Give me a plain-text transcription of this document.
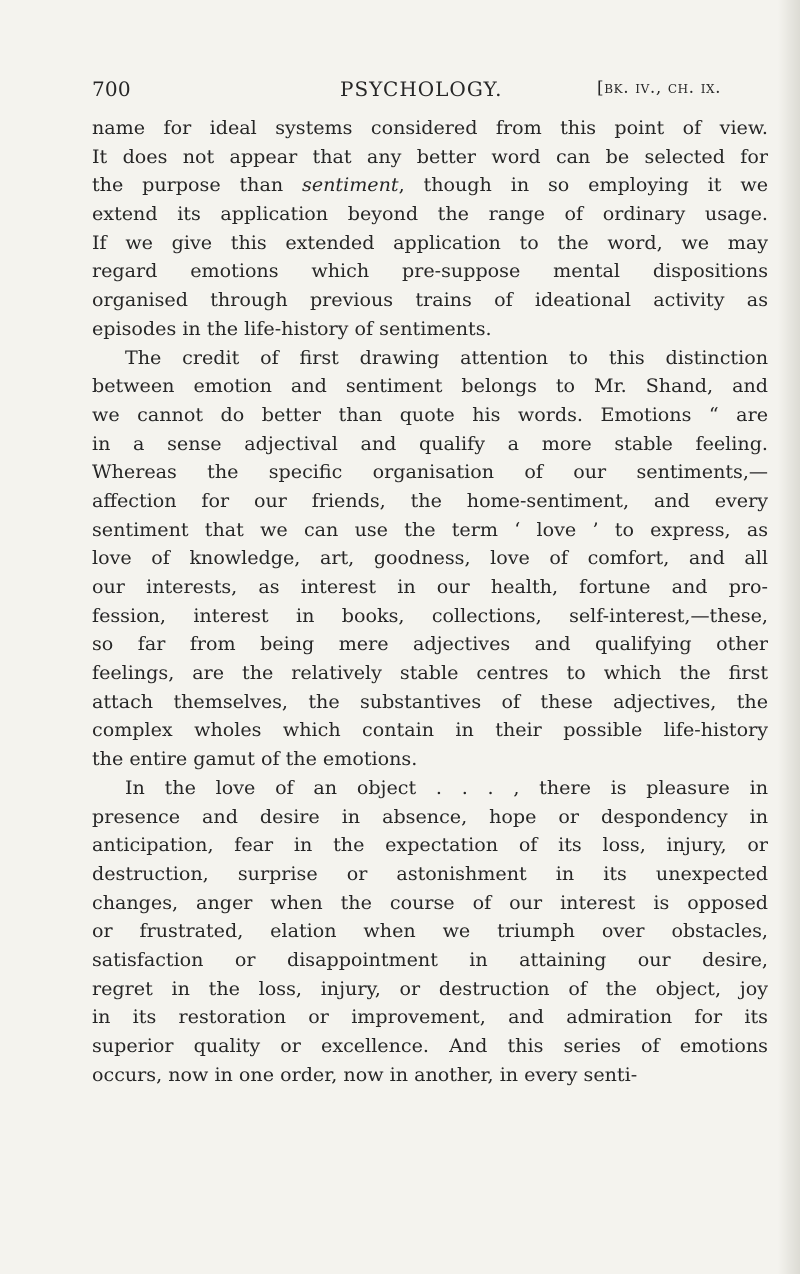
700	PSYCHOLOGY.	[bk. iv., ch. ix.
name for ideal systems considered from this point of view.
It does not appear that any better word can be selected for
the purpose than sentiment, though in so employing it we
extend its application beyond the range of ordinary usage.
If we give this extended application to the word, we may
regard emotions which pre-suppose mental dispositions
organised through previous trains of ideational activity as
episodes in the life-history of sentiments.
The credit of first drawing attention to this distinction
between emotion and sentiment belongs to Mr. Shand, and
we cannot do better than quote his words. Emotions “ are
in a sense adjectival and qualify a more stable feeling.
Whereas the specific organisation of our sentiments,—
affection for our friends, the home-sentiment, and every
sentiment that we can use the term ‘ love ’ to express, as
love of knowledge, art, goodness, love of comfort, and all
our interests, as interest in our health, fortune and pro-
fession, interest in books, collections, self-interest,—these,
so far from being mere adjectives and qualifying other
feelings, are the relatively stable centres to which the first
attach themselves, the substantives of these adjectives, the
complex wholes which contain in their possible life-history
the entire gamut of the emotions.
In the love of an object . . . , there is pleasure in
presence and desire in absence, hope or despondency in
anticipation, fear in the expectation of its loss, injury, or
destruction, surprise or astonishment in its unexpected
changes, anger when the course of our interest is opposed
or frustrated, elation when we triumph over obstacles,
satisfaction or disappointment in attaining our desire,
regret in the loss, injury, or destruction of the object, joy
in its restoration or improvement, and admiration for its
superior quality or excellence. And this series of emotions
occurs, now in one order, now in another, in every senti-
